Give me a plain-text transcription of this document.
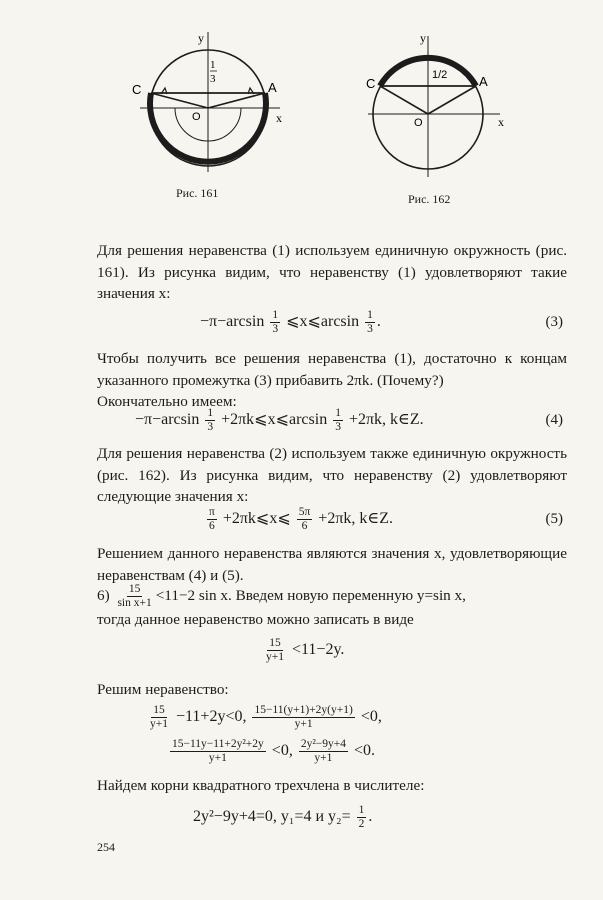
y
x
C	A
O
1
3
Рис. 161
y
x
C	A
O
1/2
Рис. 162
Для решения неравенства (1) используем единичную окружность (рис. 161). Из рисунка видим, что неравенству (1) удовлетворяют такие значения x:
$-\pi-\arcsin \frac{1}{3}$ ⩽x⩽arcsin $\frac{1}{3}$ .	(3)
Чтобы получить все решения неравенства (1), достаточно к концам указанного промежутка (3) прибавить 2πk. (Почему?)
Окончательно имеем:
$-\pi-\arcsin \frac{1}{3}$ +2πk⩽x⩽arcsin $\frac{1}{3} +2\pi k$, k∈Z.	(4)
Для решения неравенства (2) используем также единичную окружность (рис. 162). Из рисунка видим, что неравенству (2) удовлетворяют следующие значения x:
$\frac{\pi}{6}$ +2πk⩽x⩽ $\frac{5\pi}{6} +2\pi k$, k∈Z.	(5)
Решением данного неравенства являются значения x, удовлетворяющие неравенствам (4) и (5).
$6) \frac{15}{\text{sin x+1}} <11-2$ sin x. Введем новую переменную y=sin x,
тогда данное неравенство можно записать в виде
$\frac{15}{y+1} <11-2y$.
Решим неравенство:
$\frac{15}{y+1} -11+2y<0$, $\frac{15-11(y+1)+2y(y+1)}{y+1} <0$,
$\frac{\text{15−11y−11+2y²+2y}}{y+1} <0$, $\frac{\text{2y²−9y+4}}{y+1} <0$.
Найдем корни квадратного трехчлена в числителе:
2y²−9y+4=0, y₁=4 и $y_2= \frac{1}{2}$ .
254
